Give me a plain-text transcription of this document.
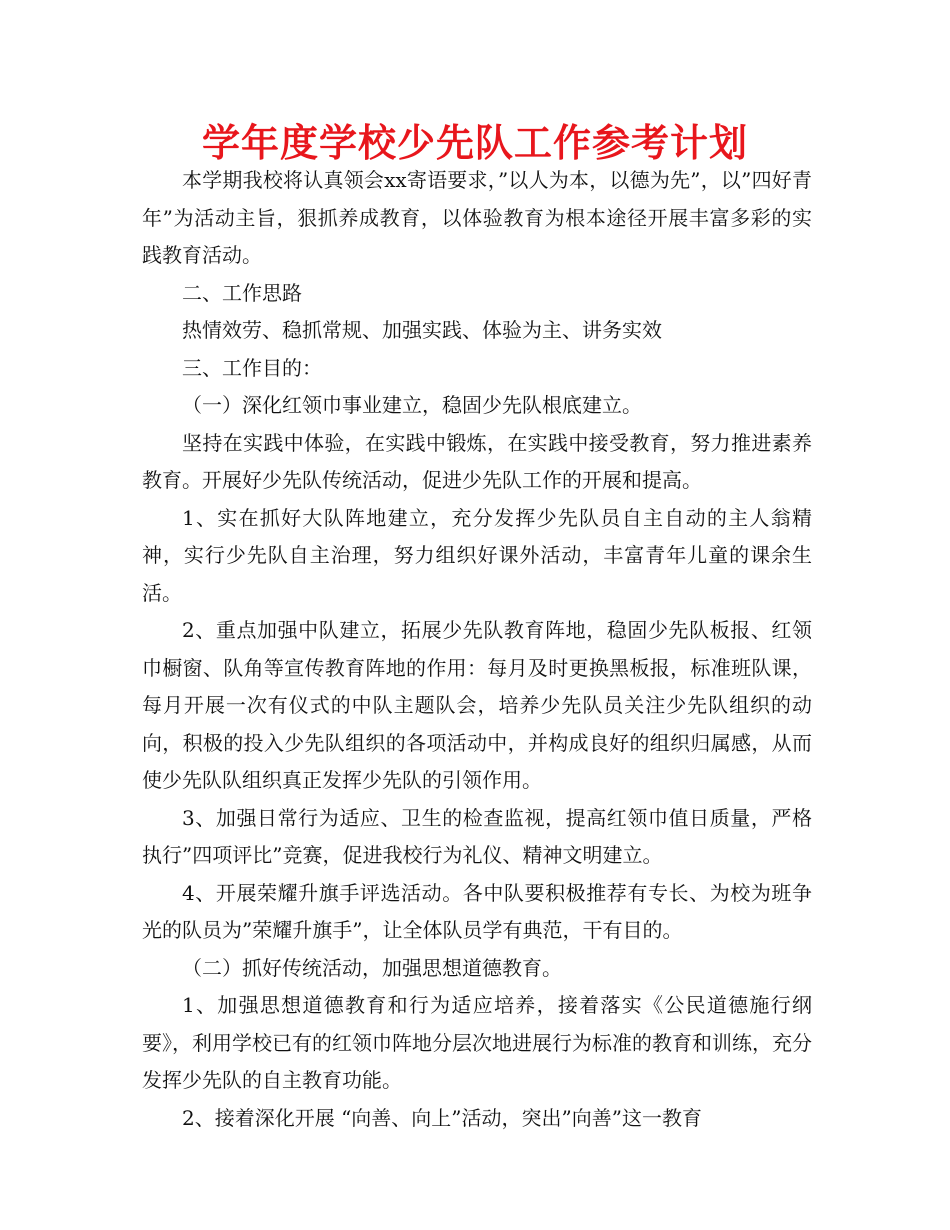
学年度学校少先队工作参考计划

本学期我校将认真领会xx寄语要求，”以人为本，以德为先”，以”四好青年”为活动主旨，狠抓养成教育，以体验教育为根本途径开展丰富多彩的实践教育活动。

二、工作思路

热情效劳、稳抓常规、加强实践、体验为主、讲务实效

三、工作目的：

（一）深化红领巾事业建立，稳固少先队根底建立。

坚持在实践中体验，在实践中锻炼，在实践中接受教育，努力推进素养教育。开展好少先队传统活动，促进少先队工作的开展和提高。

1、实在抓好大队阵地建立，充分发挥少先队员自主自动的主人翁精神，实行少先队自主治理，努力组织好课外活动，丰富青年儿童的课余生活。

2、重点加强中队建立，拓展少先队教育阵地，稳固少先队板报、红领巾橱窗、队角等宣传教育阵地的作用：每月及时更换黑板报，标准班队课，每月开展一次有仪式的中队主题队会，培养少先队员关注少先队组织的动向，积极的投入少先队组织的各项活动中，并构成良好的组织归属感，从而使少先队队组织真正发挥少先队的引领作用。

3、加强日常行为适应、卫生的检查监视，提高红领巾值日质量，严格执行”四项评比”竞赛，促进我校行为礼仪、精神文明建立。

4、开展荣耀升旗手评选活动。各中队要积极推荐有专长、为校为班争光的队员为”荣耀升旗手”，让全体队员学有典范，干有目的。

（二）抓好传统活动，加强思想道德教育。

1、加强思想道德教育和行为适应培养，接着落实《公民道德施行纲要》，利用学校已有的红领巾阵地分层次地进展行为标准的教育和训练，充分发挥少先队的自主教育功能。

2、接着深化开展 “向善、向上”活动，突出”向善”这一教育
